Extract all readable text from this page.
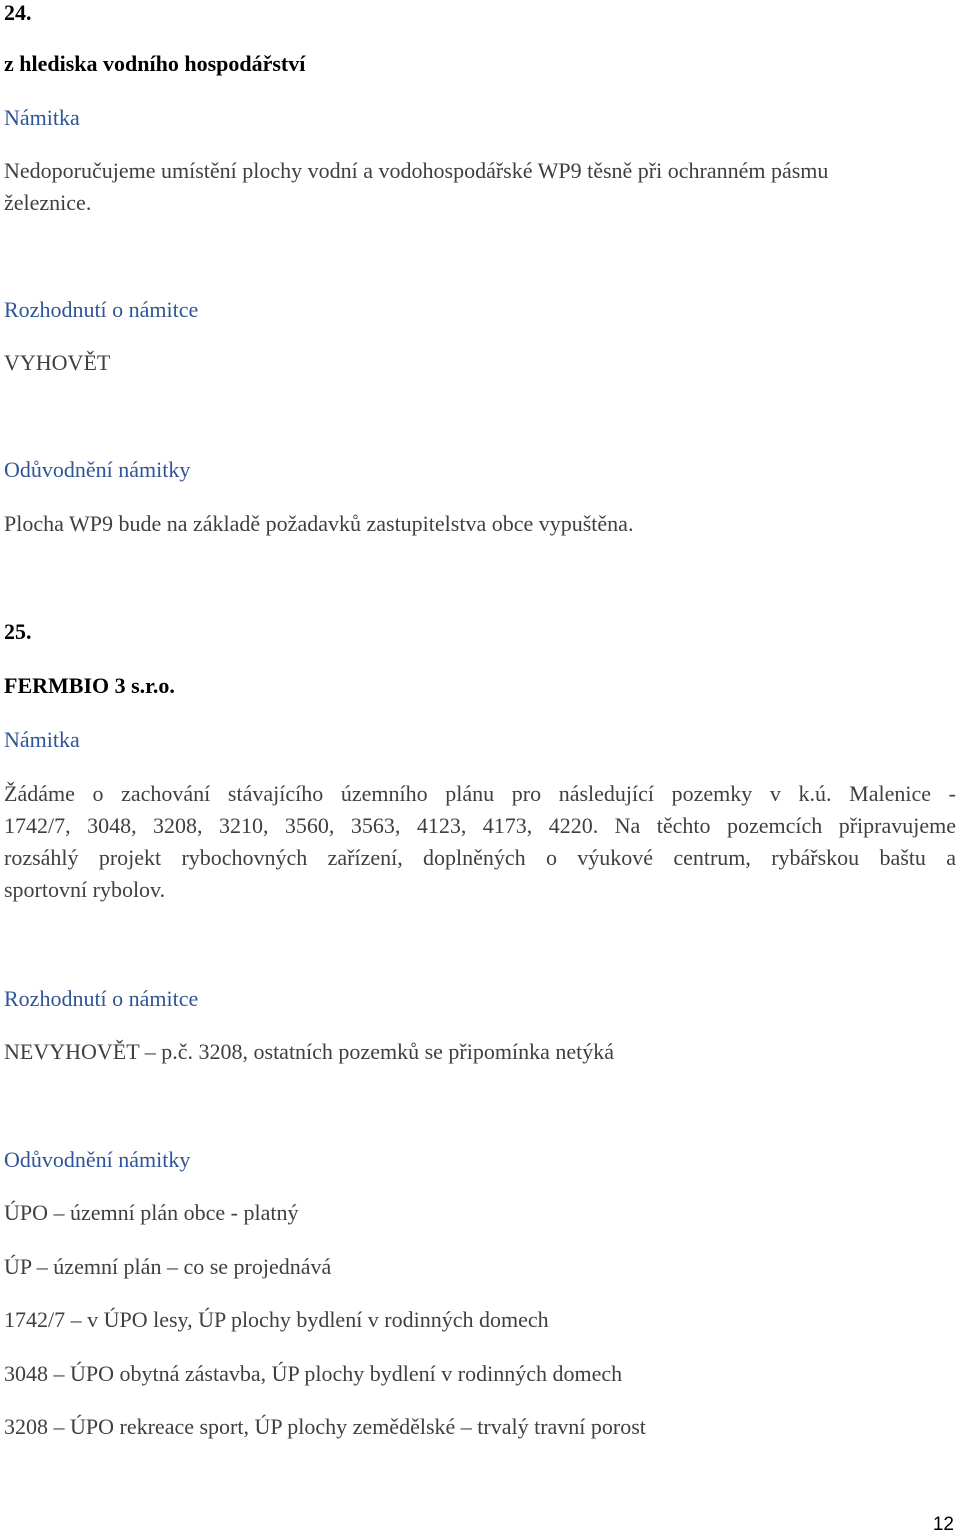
24.
z hlediska vodního hospodářství
Námitka
Nedoporučujeme umístění plochy vodní a vodohospodářské WP9 těsně při ochranném pásmu
železnice.
Rozhodnutí o námitce
VYHOVĚT
Odůvodnění námitky
Plocha WP9 bude na základě požadavků zastupitelstva obce vypuštěna.
25.
FERMBIO 3 s.r.o.
Námitka
Žádáme o zachování stávajícího územního plánu pro následující pozemky v k.ú. Malenice -
1742/7, 3048, 3208, 3210, 3560, 3563, 4123, 4173, 4220. Na těchto pozemcích připravujeme
rozsáhlý projekt rybochovných zařízení, doplněných o výukové centrum, rybářskou baštu a
sportovní rybolov.
Rozhodnutí o námitce
NEVYHOVĚT – p.č. 3208, ostatních pozemků se připomínka netýká
Odůvodnění námitky
ÚPO – územní plán obce - platný
ÚP – územní plán – co se projednává
1742/7 – v ÚPO lesy, ÚP plochy bydlení v rodinných domech
3048 – ÚPO obytná zástavba, ÚP plochy bydlení v rodinných domech
3208 – ÚPO rekreace sport, ÚP plochy zemědělské – trvalý travní porost
12
